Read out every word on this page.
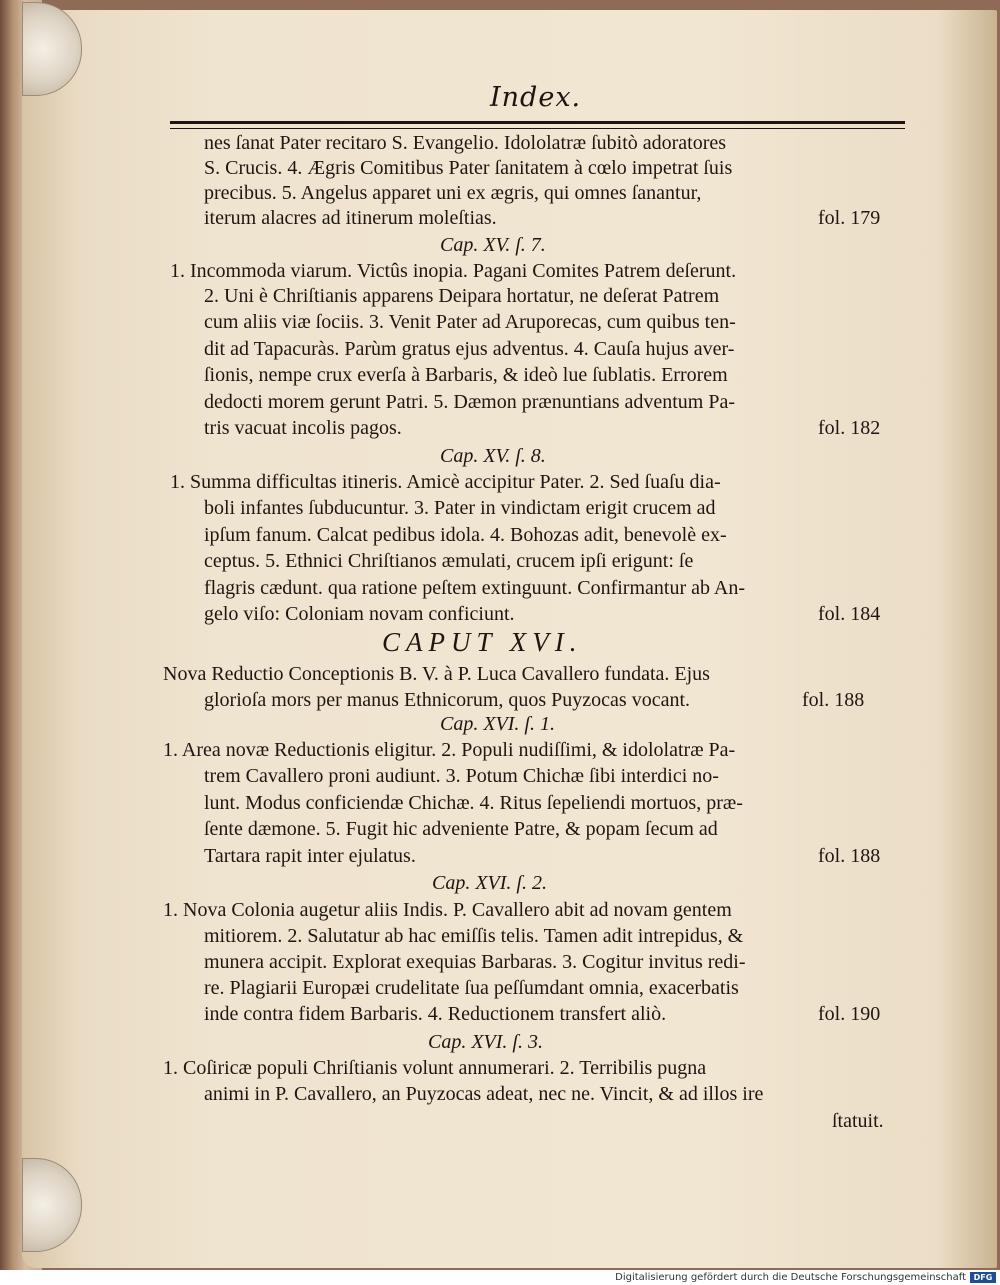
Index.
nes ſanat Pater recitaro S. Evangelio. Idololatræ ſubitò adoratores
S. Crucis. 4. Ægris Comitibus Pater ſanitatem à cœlo impetrat ſuis
precibus. 5. Angelus apparet uni ex ægris, qui omnes ſanantur,
iterum alacres ad itinerum moleſtias.	fol. 179
Cap. XV. ſ. 7.
1. Incommoda viarum. Victûs inopia. Pagani Comites Patrem deſerunt.
2. Uni è Chriſtianis apparens Deipara hortatur, ne deſerat Patrem
cum aliis viæ ſociis. 3. Venit Pater ad Aruporecas, cum quibus ten-
dit ad Tapacuràs. Parùm gratus ejus adventus. 4. Cauſa hujus aver-
ſionis, nempe crux everſa à Barbaris, & ideò lue ſublatis. Errorem
dedocti morem gerunt Patri. 5. Dæmon prænuntians adventum Pa-
tris vacuat incolis pagos.	fol. 182
Cap. XV. ſ. 8.
1. Summa difficultas itineris. Amicè accipitur Pater. 2. Sed ſuaſu dia-
boli infantes ſubducuntur. 3. Pater in vindictam erigit crucem ad
ipſum fanum. Calcat pedibus idola. 4. Bohozas adit, benevolè ex-
ceptus. 5. Ethnici Chriſtianos æmulati, crucem ipſi erigunt: ſe
flagris cædunt. qua ratione peſtem extinguunt. Confirmantur ab An-
gelo viſo: Coloniam novam conficiunt.	fol. 184
CAPUT XVI.
Nova Reductio Conceptionis B. V. à P. Luca Cavallero fundata. Ejus
glorioſa mors per manus Ethnicorum, quos Puyzocas vocant.	fol. 188
Cap. XVI. ſ. 1.
1. Area novæ Reductionis eligitur. 2. Populi nudiſſimi, & idololatræ Pa-
trem Cavallero proni audiunt. 3. Potum Chichæ ſibi interdici no-
lunt. Modus conficiendæ Chichæ. 4. Ritus ſepeliendi mortuos, præ-
ſente dæmone. 5. Fugit hic adveniente Patre, & popam ſecum ad
Tartara rapit inter ejulatus.	fol. 188
Cap. XVI. ſ. 2.
1. Nova Colonia augetur aliis Indis. P. Cavallero abit ad novam gentem
mitiorem. 2. Salutatur ab hac emiſſis telis. Tamen adit intrepidus, &
munera accipit. Explorat exequias Barbaras. 3. Cogitur invitus redi-
re. Plagiarii Europæi crudelitate ſua peſſumdant omnia, exacerbatis
inde contra fidem Barbaris. 4. Reductionem transfert aliò.	fol. 190
Cap. XVI. ſ. 3.
1. Coſiricæ populi Chriſtianis volunt annumerari. 2. Terribilis pugna
animi in P. Cavallero, an Puyzocas adeat, nec ne. Vincit, & ad illos ire
ſtatuit.
Digitalisierung gefördert durch die Deutsche Forschungsgemeinschaft DFG
